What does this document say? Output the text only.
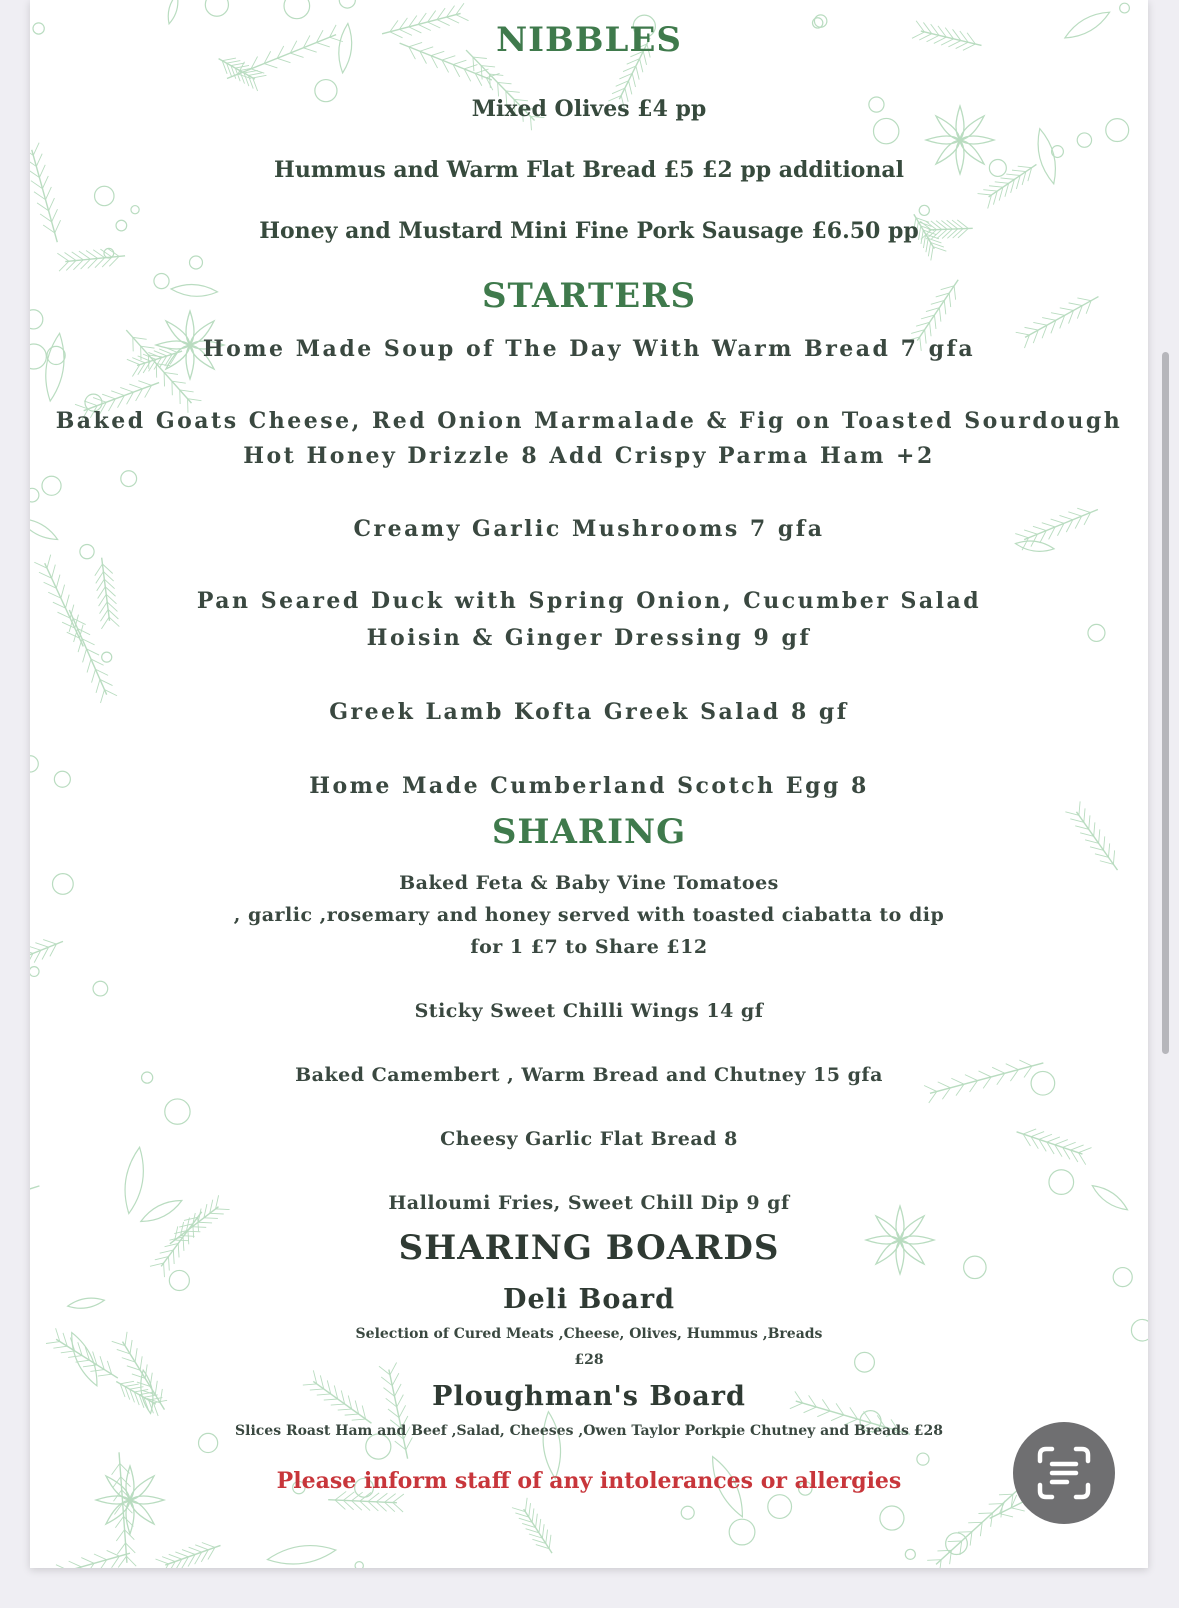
NIBBLES

Mixed Olives £4 pp

Hummus and Warm Flat Bread £5 £2 pp additional

Honey and Mustard Mini Fine Pork Sausage £6.50 pp

STARTERS

Home Made Soup of The Day With Warm Bread 7 gfa

Baked Goats Cheese, Red Onion Marmalade & Fig on Toasted Sourdough

Hot Honey Drizzle 8 Add Crispy Parma Ham +2

Creamy Garlic Mushrooms 7 gfa

Pan Seared Duck with Spring Onion, Cucumber Salad

Hoisin & Ginger Dressing 9 gf

Greek Lamb Kofta Greek Salad 8 gf

Home Made Cumberland Scotch Egg 8

SHARING

Baked Feta & Baby Vine Tomatoes

, garlic ,rosemary and honey served with toasted ciabatta to dip

for 1 £7 to Share £12

Sticky Sweet Chilli Wings 14 gf

Baked Camembert , Warm Bread and Chutney 15 gfa

Cheesy Garlic Flat Bread 8

Halloumi Fries, Sweet Chill Dip 9 gf

SHARING BOARDS
Deli Board

Selection of Cured Meats ,Cheese, Olives, Hummus ,Breads

£28

Ploughman's Board

Slices Roast Ham and Beef ,Salad, Cheeses ,Owen Taylor Porkpie Chutney and Breads £28

Please inform staff of any intolerances or allergies
